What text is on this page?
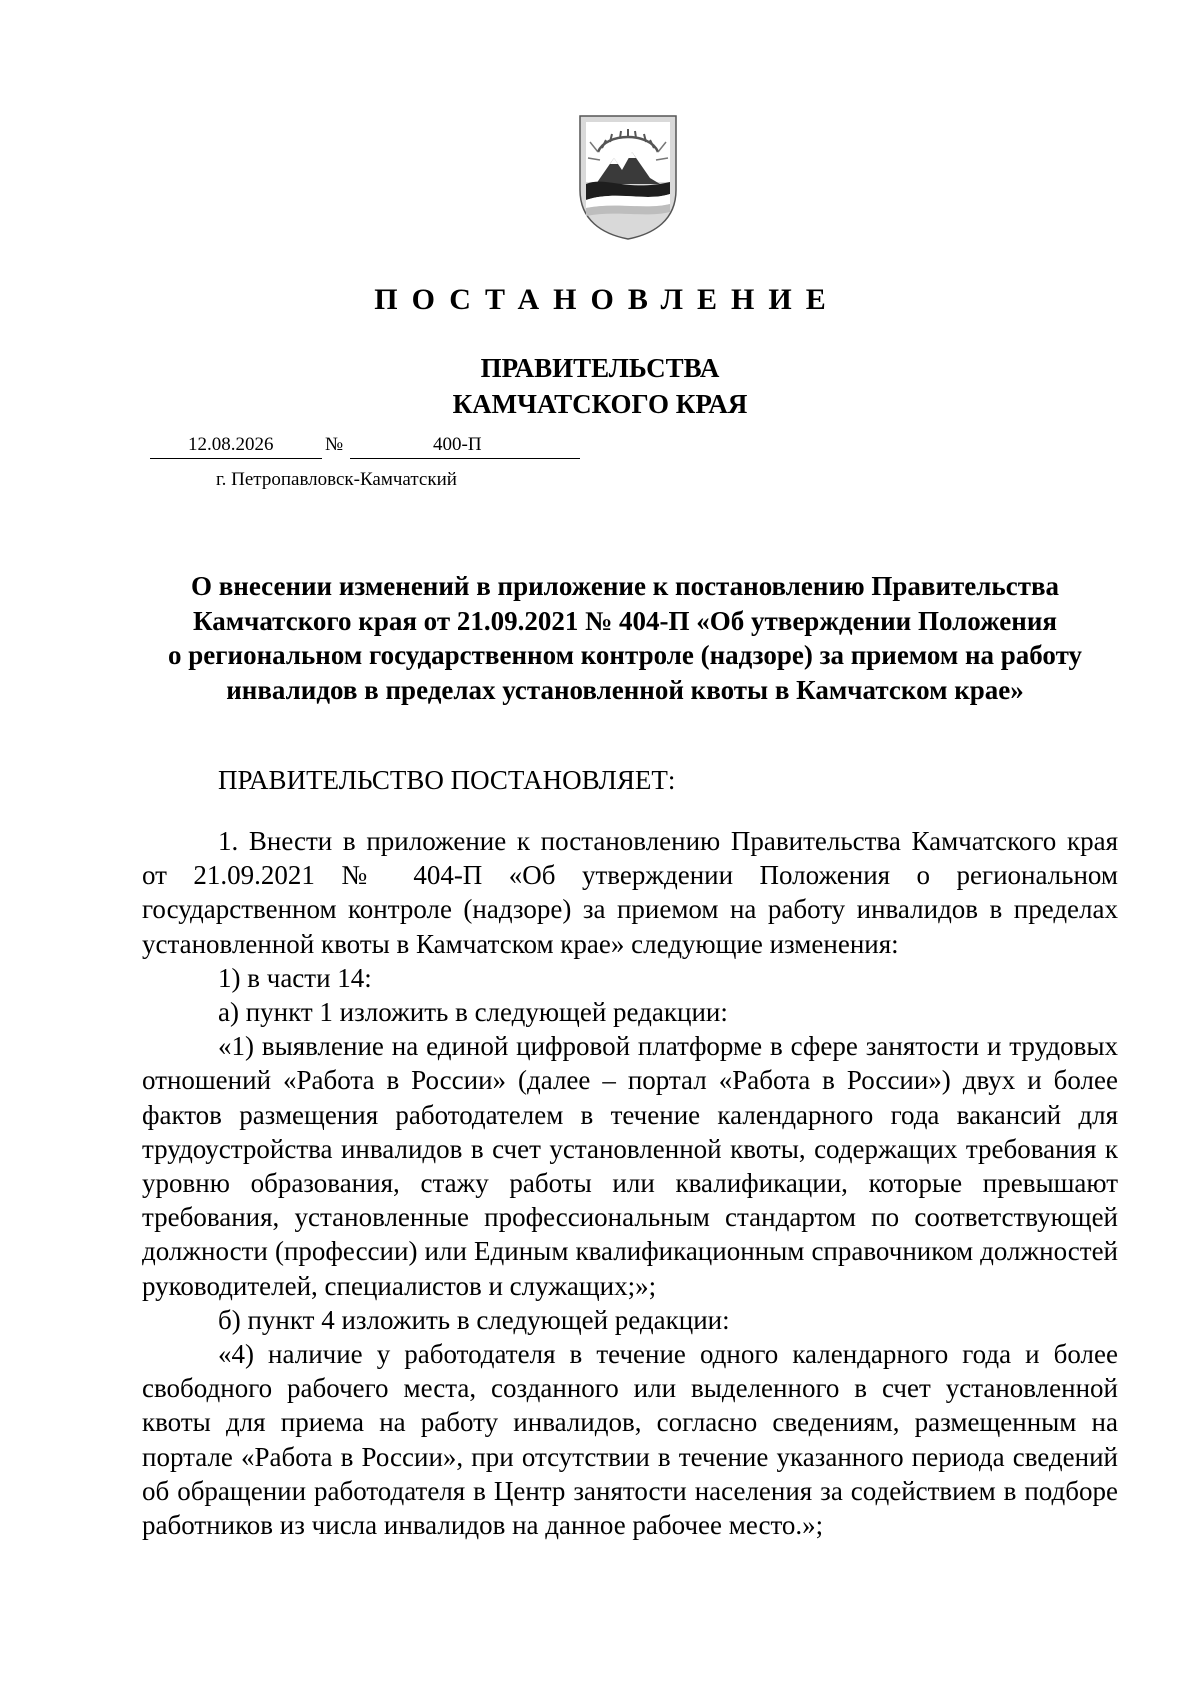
ПОСТАНОВЛЕНИЕ
ПРАВИТЕЛЬСТВА
КАМЧАТСКОГО КРАЯ
12.08.2026	№	400-П
г. Петропавловск-Камчатский
О внесении изменений в приложение к постановлению Правительства
Камчатского края от 21.09.2021 № 404-П «Об утверждении Положения
о региональном государственном контроле (надзоре) за приемом на работу
инвалидов в пределах установленной квоты в Камчатском крае»
ПРАВИТЕЛЬСТВО ПОСТАНОВЛЯЕТ:

1. Внести в приложение к постановлению Правительства Камчатского края от 21.09.2021 № 404-П «Об утверждении Положения о региональном государственном контроле (надзоре) за приемом на работу инвалидов в пределах установленной квоты в Камчатском крае» следующие изменения:

1) в части 14:

а) пункт 1 изложить в следующей редакции:

«1) выявление на единой цифровой платформе в сфере занятости и трудовых отношений «Работа в России» (далее – портал «Работа в России») двух и более фактов размещения работодателем в течение календарного года вакансий для трудоустройства инвалидов в счет установленной квоты, содержащих требования к уровню образования, стажу работы или квалификации, которые превышают требования, установленные профессиональным стандартом по соответствующей должности (профессии) или Единым квалификационным справочником должностей руководителей, специалистов и служащих;»;

б) пункт 4 изложить в следующей редакции:

«4) наличие у работодателя в течение одного календарного года и более свободного рабочего места, созданного или выделенного в счет установленной квоты для приема на работу инвалидов, согласно сведениям, размещенным на портале «Работа в России», при отсутствии в течение указанного периода сведений об обращении работодателя в Центр занятости населения за содействием в подборе работников из числа инвалидов на данное рабочее место.»;
